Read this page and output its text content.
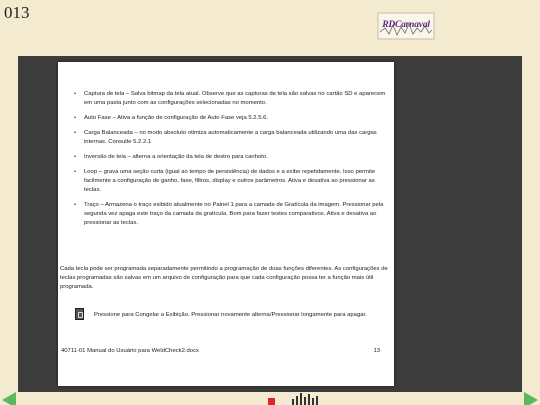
013
RDCarnaval
• Captura de tela – Salva bitmap da tela atual. Observe que as capturas de tela são salvas no cartão SD e aparecem em uma pasta junto com as configurações selecionadas no momento.
• Auto Fase – Ativa a função de configuração de Auto Fase veja 5.2.5.6.
• Carga Balanceada – no modo absoluto otimiza automaticamente a carga balanceada utilizando uma das cargas internas. Consulte 5.2.2.1
• Inversão de tela – alterna a orientação da tela de destro para canhoto.
• Loop – grava uma seção curta (igual ao tempo de persistência) de dados e a exibe repetidamente. Isso permite facilmente a configuração de ganho, fase, filtros, display e outros parâmetros. Ativa e desativa ao pressionar as teclas.
• Traço – Armazena o traço exibido atualmente no Painel 1 para a camada de Gratícula da imagem. Pressionar pela segunda vez apaga este traço da camada da gratícula. Bom para fazer testes comparativos. Ativa e desativa ao pressionar as teclas.
Cada tecla pode ser programada separadamente permitindo a programação de duas funções diferentes. As configurações de teclas programadas são salvas em um arquivo de configuração para que cada configuração possa ter a função mais útil programada.
Pressione para Congelar a Exibição. Pressionar novamente alterna/Pressionar longamente para apagar.
40711-01 Manual do Usuário para WeldCheck2.docx	13
